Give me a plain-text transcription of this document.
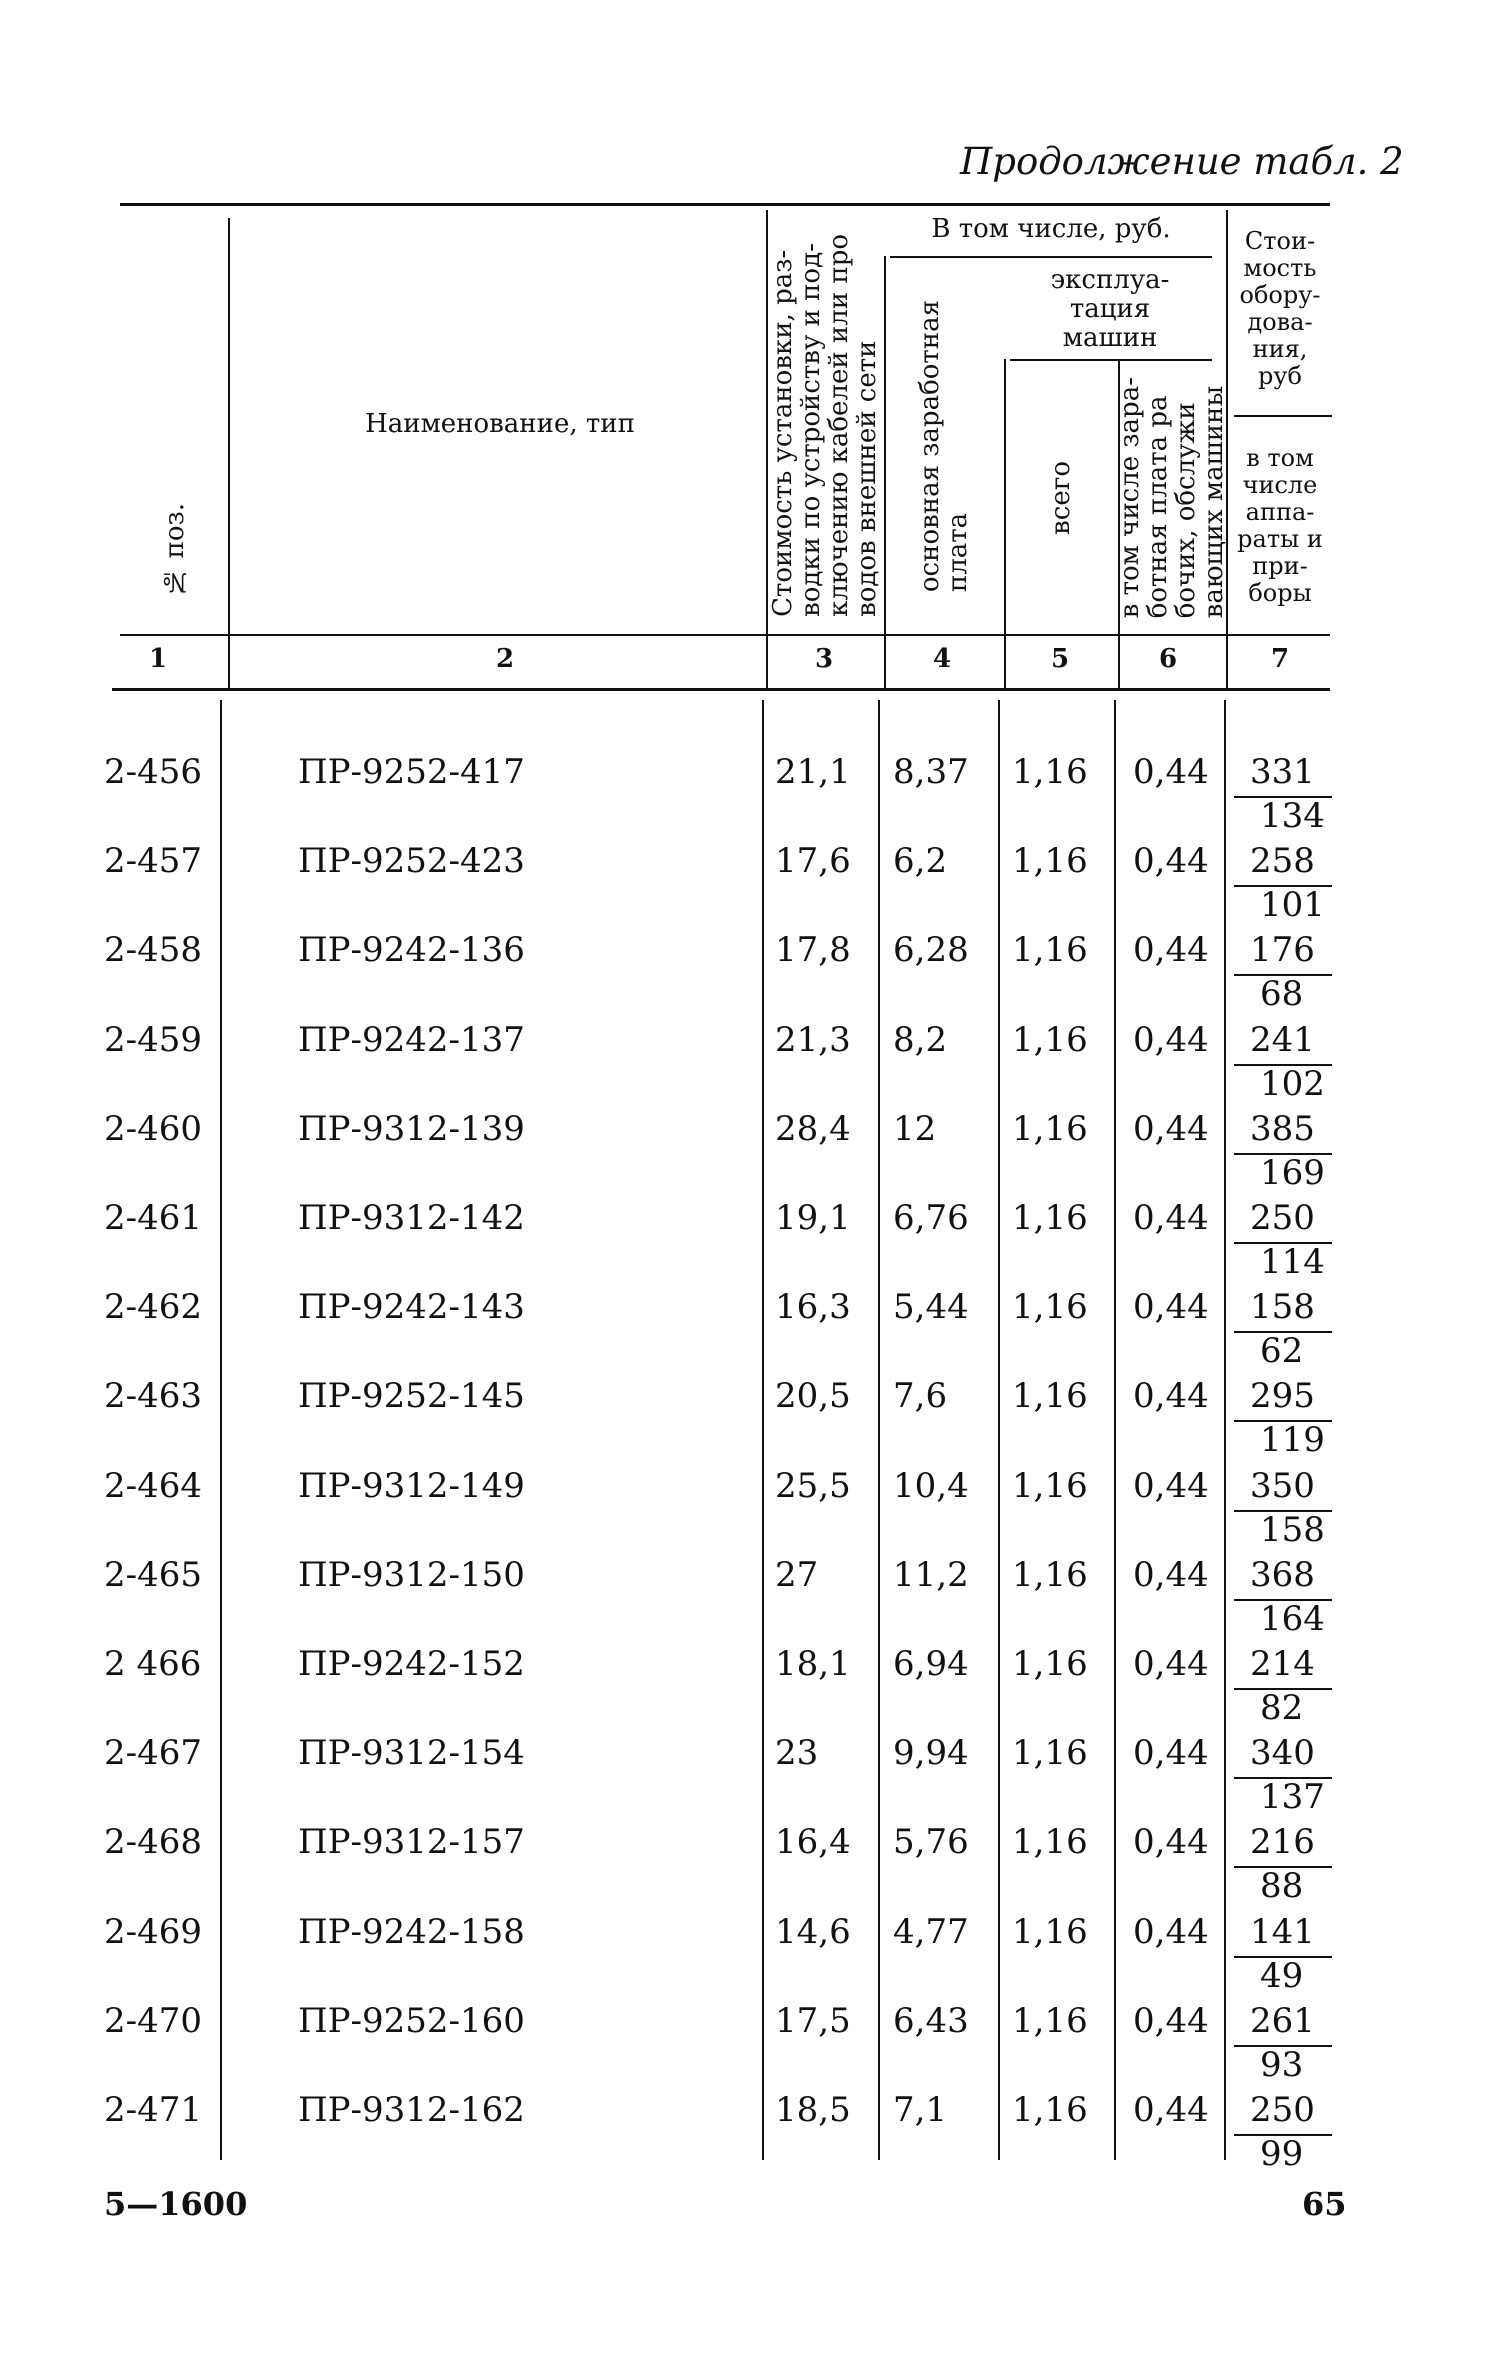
Продолжение табл. 2
№ поз.
Наименование, тип
Стоимость установки, раз-
водки по устройству и под-
ключению кабелей или про
водов внешней сети
В том числе, руб.
основная заработная
плата
эксплуа-
тация
машин
всего
в том числе зара-
ботная плата ра
бочих, обслужи
вающих машины
Стои-
мость
обору-
дова-
ния,
руб
в том
числе
аппа-
раты и
при-
боры
1	2	3	4	5	6	7
2-456	ПР-9252-417	21,1 8,37 1,16 0,44 331
134
2-457	ПР-9252-423	17,6 6,2 1,16 0,44 258
101
2-458	ПР-9242-136	17,8 6,28 1,16 0,44 176
68
2-459	ПР-9242-137	21,3 8,2 1,16 0,44 241
102
2-460	ПР-9312-139	28,4 12 1,16 0,44 385
169
2-461	ПР-9312-142	19,1 6,76 1,16 0,44 250
114
2-462	ПР-9242-143	16,3 5,44 1,16 0,44 158
62
2-463	ПР-9252-145	20,5 7,6 1,16 0,44 295
119
2-464	ПР-9312-149	25,5 10,4 1,16 0,44 350
158
2-465	ПР-9312-150	27 11,2 1,16 0,44 368
164
2 466	ПР-9242-152	18,1 6,94 1,16 0,44 214
82
2-467	ПР-9312-154	23 9,94 1,16 0,44 340
137
2-468	ПР-9312-157	16,4 5,76 1,16 0,44 216
88
2-469	ПР-9242-158	14,6 4,77 1,16 0,44 141
49
2-470	ПР-9252-160	17,5 6,43 1,16 0,44 261
93
2-471	ПР-9312-162	18,5 7,1 1,16 0,44 250
99
5—1600	65
